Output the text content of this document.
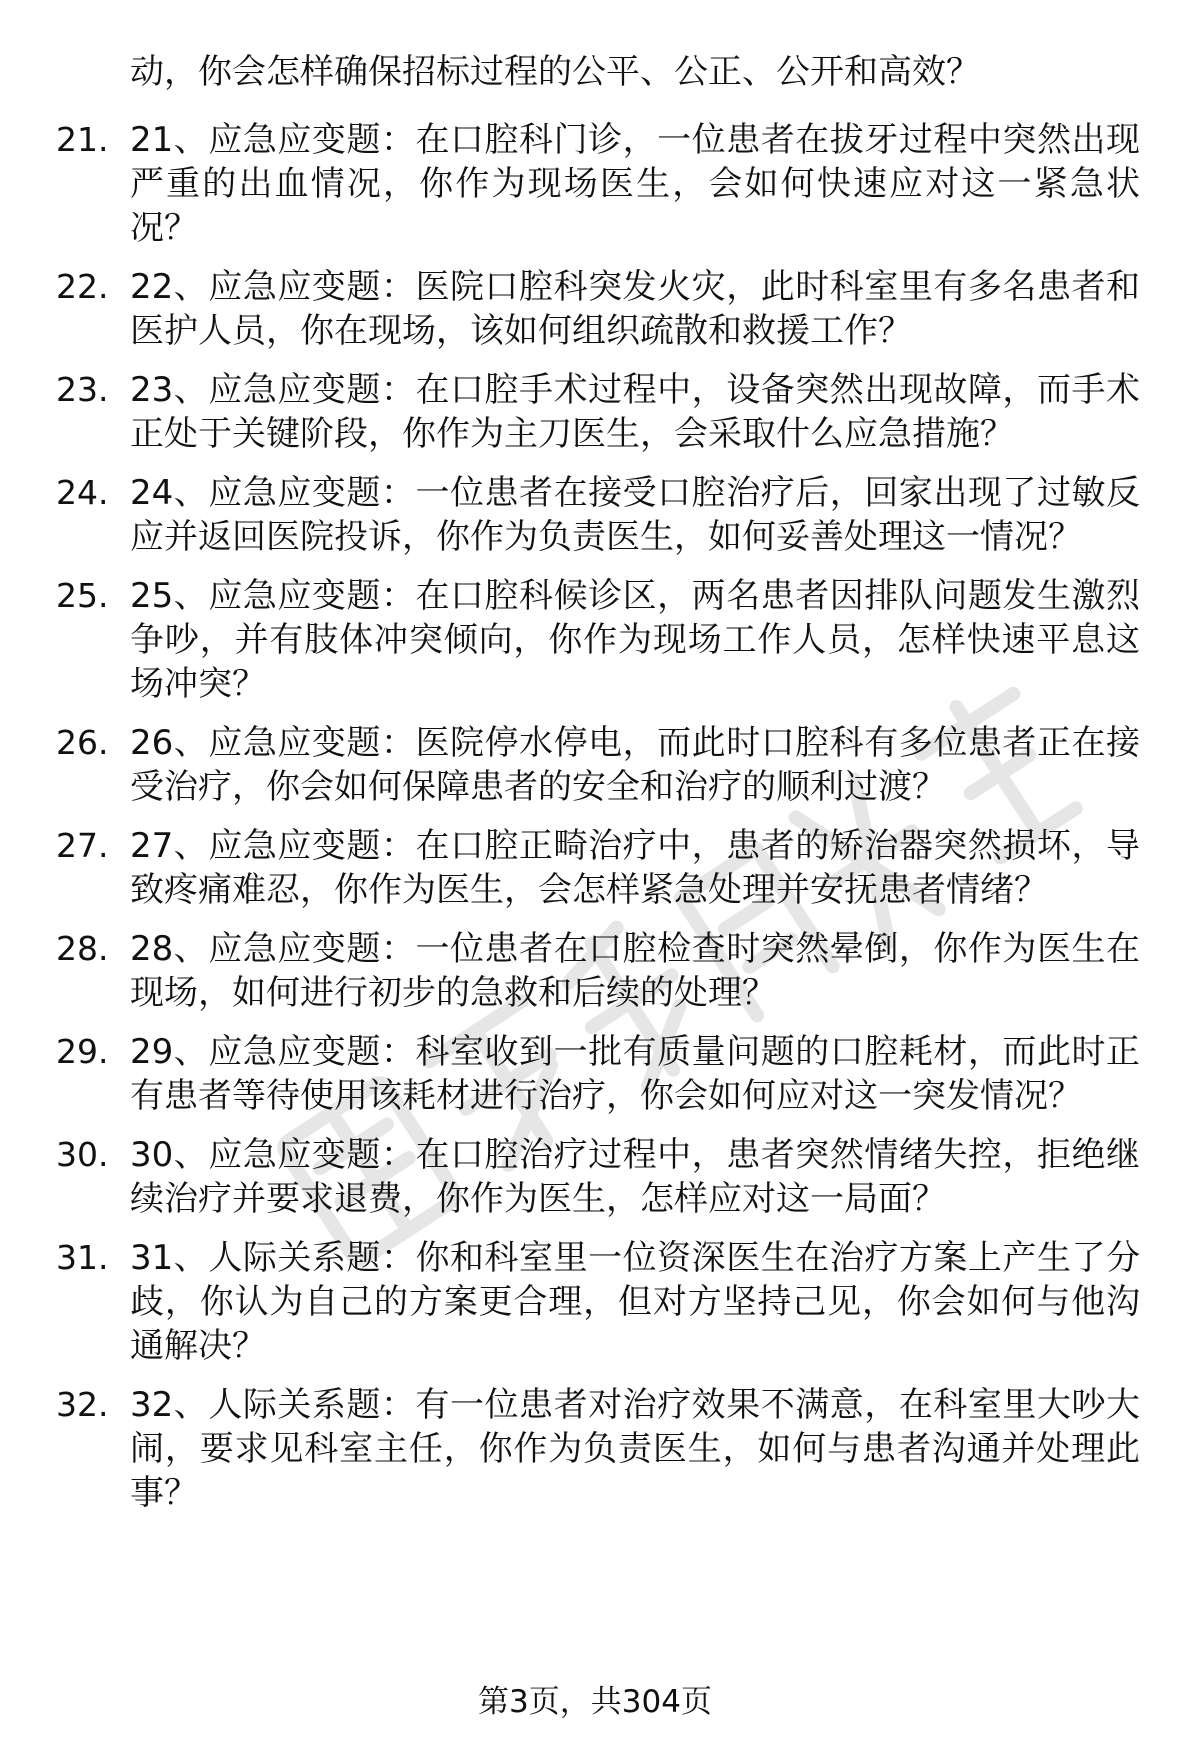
动，你会怎样确保招标过程的公平、公正、公开和高效？
21. 21、应急应变题：在口腔科门诊，一位患者在拔牙过程中突然出现严重的出血情况，你作为现场医生，会如何快速应对这一紧急状况？
22. 22、应急应变题：医院口腔科突发火灾，此时科室里有多名患者和医护人员，你在现场，该如何组织疏散和救援工作？
23. 23、应急应变题：在口腔手术过程中，设备突然出现故障，而手术正处于关键阶段，你作为主刀医生，会采取什么应急措施？
24. 24、应急应变题：一位患者在接受口腔治疗后，回家出现了过敏反应并返回医院投诉，你作为负责医生，如何妥善处理这一情况？
25. 25、应急应变题：在口腔科候诊区，两名患者因排队问题发生激烈争吵，并有肢体冲突倾向，你作为现场工作人员，怎样快速平息这场冲突？
26. 26、应急应变题：医院停水停电，而此时口腔科有多位患者正在接受治疗，你会如何保障患者的安全和治疗的顺利过渡？
27. 27、应急应变题：在口腔正畸治疗中，患者的矫治器突然损坏，导致疼痛难忍，你作为医生，会怎样紧急处理并安抚患者情绪？
28. 28、应急应变题：一位患者在口腔检查时突然晕倒，你作为医生在现场，如何进行初步的急救和后续的处理？
29. 29、应急应变题：科室收到一批有质量问题的口腔耗材，而此时正有患者等待使用该耗材进行治疗，你会如何应对这一突发情况？
30. 30、应急应变题：在口腔治疗过程中，患者突然情绪失控，拒绝继续治疗并要求退费，你作为医生，怎样应对这一局面？
31. 31、人际关系题：你和科室里一位资深医生在治疗方案上产生了分歧，你认为自己的方案更合理，但对方坚持己见，你会如何与他沟通解决？
32. 32、人际关系题：有一位患者对治疗效果不满意，在科室里大吵大闹，要求见科室主任，你作为负责医生，如何与患者沟通并处理此事？
第3页，共304页
